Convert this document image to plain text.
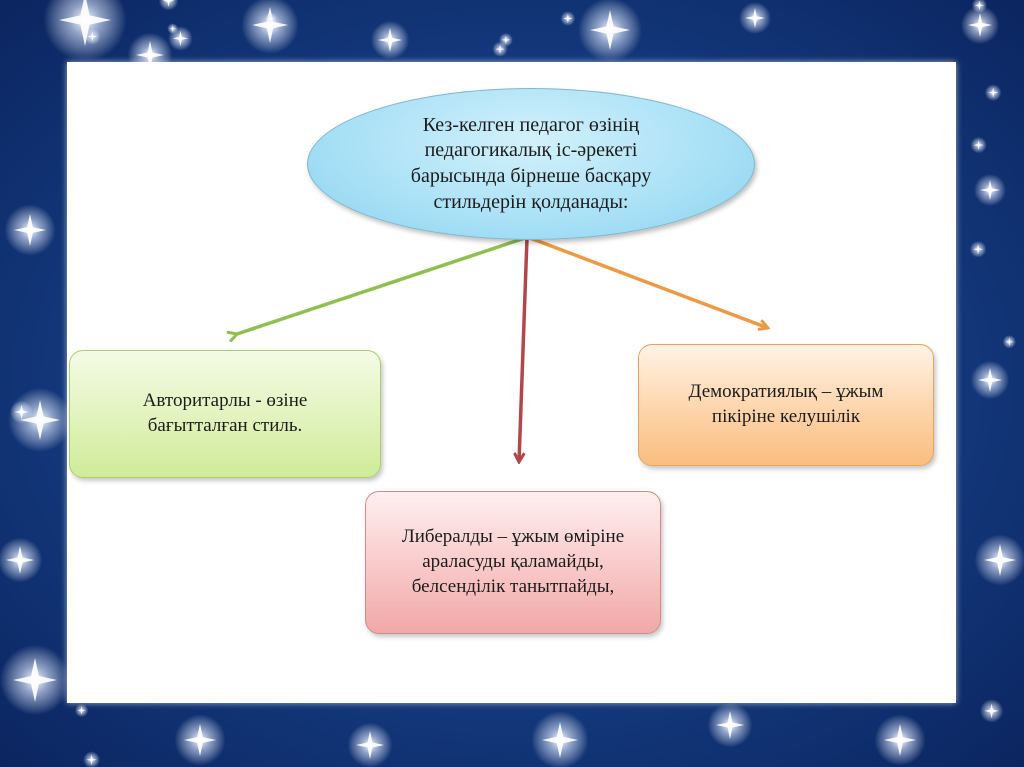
Кез-келген педагог өзінің
педагогикалық іс-әрекеті
барысында бірнеше басқару
стильдерін қолданады:
Авторитарлы - өзіне
бағытталған стиль.
Демократиялық – ұжым
пікіріне келушілік
Либералды – ұжым өміріне
араласуды қаламайды,
белсенділік танытпайды,
